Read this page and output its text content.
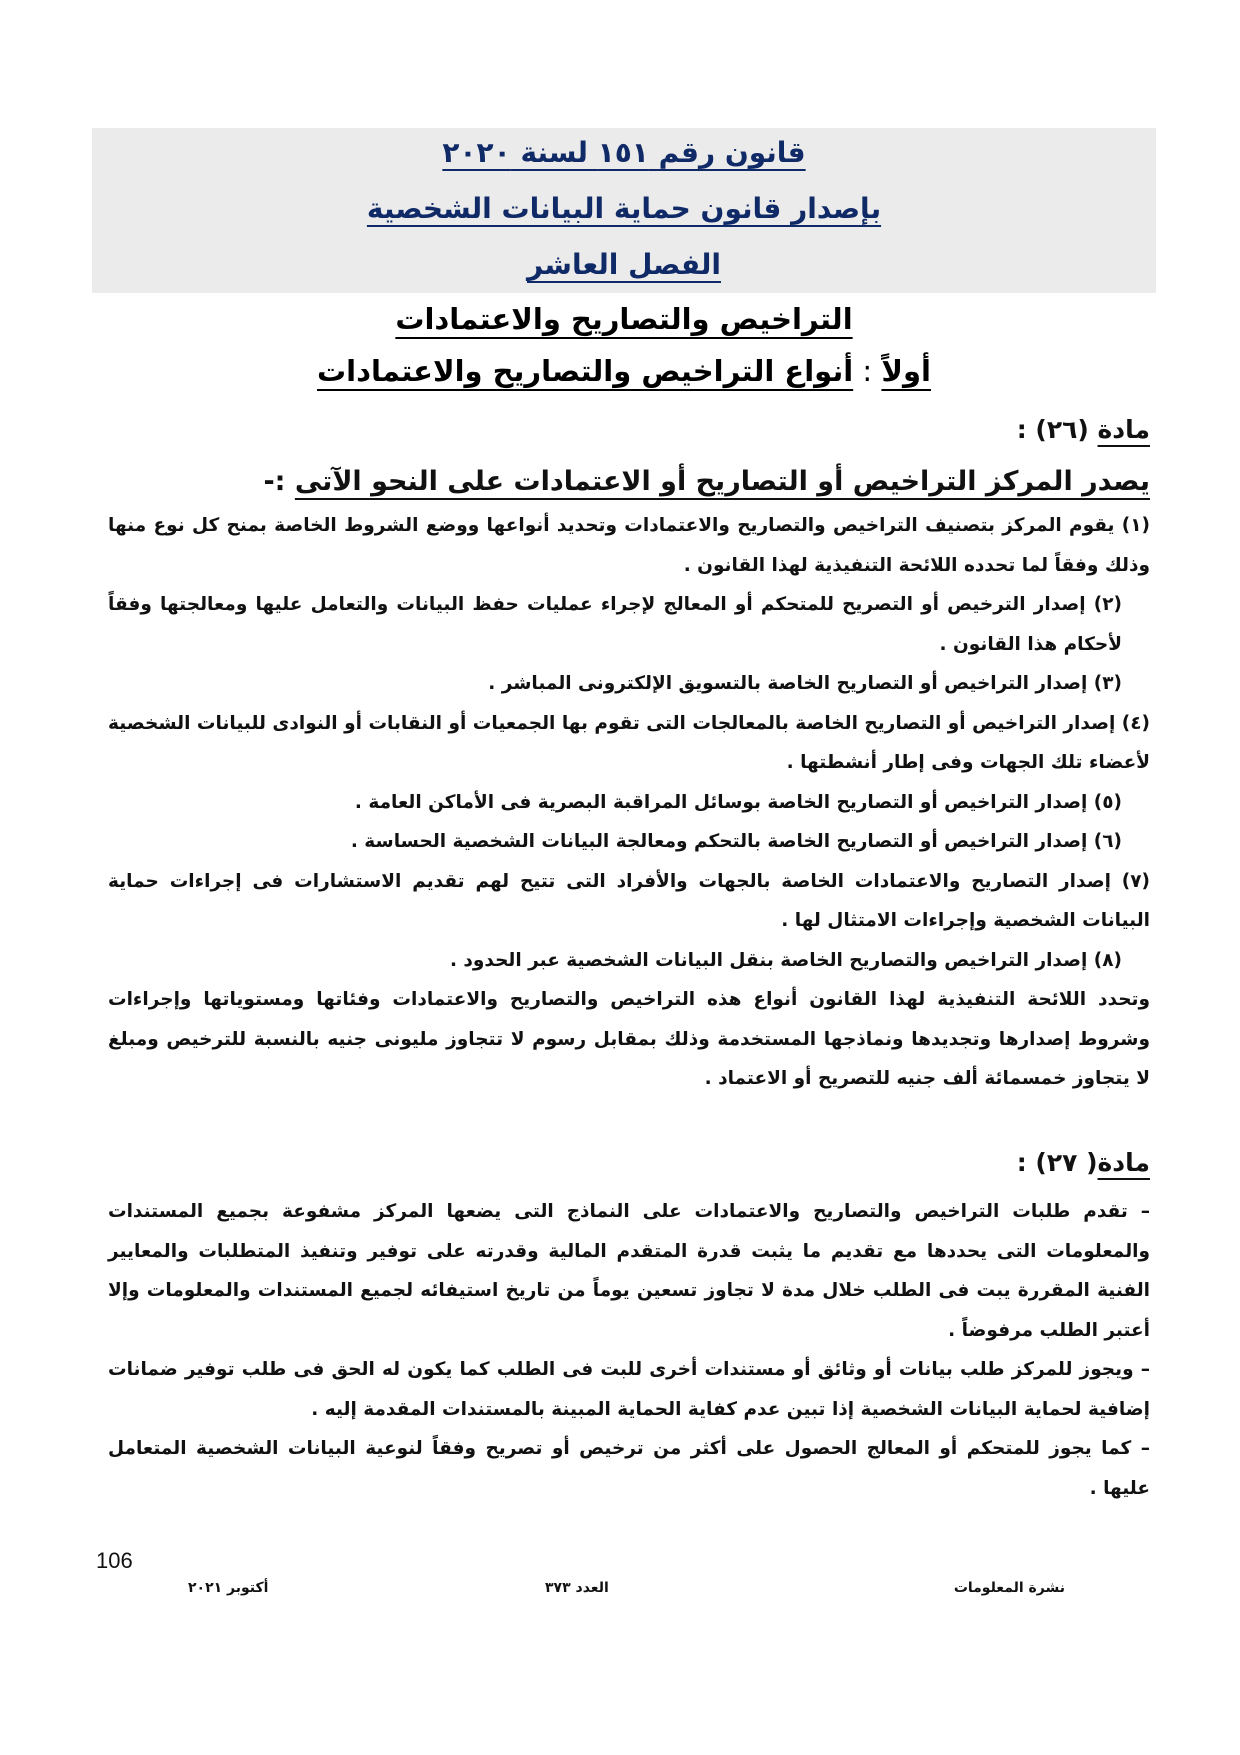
قانون رقم ١٥١ لسنة ٢٠٢٠
بإصدار قانون حماية البيانات الشخصية
الفصل العاشر
التراخيص والتصاريح والاعتمادات
أولاً : أنواع التراخيص والتصاريح والاعتمادات
مادة (٢٦) :
يصدر المركز التراخيص أو التصاريح أو الاعتمادات على النحو الآتى :-

(١) يقوم المركز بتصنيف التراخيص والتصاريح والاعتمادات وتحديد أنواعها ووضع الشروط الخاصة بمنح كل نوع منها وذلك وفقاً لما تحدده اللائحة التنفيذية لهذا القانون .

(٢) إصدار الترخيص أو التصريح للمتحكم أو المعالج لإجراء عمليات حفظ البيانات والتعامل عليها ومعالجتها وفقاً لأحكام هذا القانون .

(٣) إصدار التراخيص أو التصاريح الخاصة بالتسويق الإلكترونى المباشر .

(٤) إصدار التراخيص أو التصاريح الخاصة بالمعالجات التى تقوم بها الجمعيات أو النقابات أو النوادى للبيانات الشخصية لأعضاء تلك الجهات وفى إطار أنشطتها .

(٥) إصدار التراخيص أو التصاريح الخاصة بوسائل المراقبة البصرية فى الأماكن العامة .

(٦) إصدار التراخيص أو التصاريح الخاصة بالتحكم ومعالجة البيانات الشخصية الحساسة .

(٧) إصدار التصاريح والاعتمادات الخاصة بالجهات والأفراد التى تتيح لهم تقديم الاستشارات فى إجراءات حماية البيانات الشخصية وإجراءات الامتثال لها .

(٨) إصدار التراخيص والتصاريح الخاصة بنقل البيانات الشخصية عبر الحدود .

وتحدد اللائحة التنفيذية لهذا القانون أنواع هذه التراخيص والتصاريح والاعتمادات وفئاتها ومستوياتها وإجراءات وشروط إصدارها وتجديدها ونماذجها المستخدمة وذلك بمقابل رسوم لا تتجاوز مليونى جنيه بالنسبة للترخيص ومبلغ لا يتجاوز خمسمائة ألف جنيه للتصريح أو الاعتماد .

مادة( ٢٧) :

– تقدم طلبات التراخيص والتصاريح والاعتمادات على النماذج التى يضعها المركز مشفوعة بجميع المستندات والمعلومات التى يحددها مع تقديم ما يثبت قدرة المتقدم المالية وقدرته على توفير وتنفيذ المتطلبات والمعايير الفنية المقررة يبت فى الطلب خلال مدة لا تجاوز تسعين يوماً من تاريخ استيفائه لجميع المستندات والمعلومات وإلا أعتبر الطلب مرفوضاً .

– ويجوز للمركز طلب بيانات أو وثائق أو مستندات أخرى للبت فى الطلب كما يكون له الحق فى طلب توفير ضمانات إضافية لحماية البيانات الشخصية إذا تبين عدم كفاية الحماية المبينة بالمستندات المقدمة إليه .

– كما يجوز للمتحكم أو المعالج الحصول على أكثر من ترخيص أو تصريح وفقاً لنوعية البيانات الشخصية المتعامل عليها .

106
نشرة المعلومات
العدد ٣٧٣
أكتوبر ٢٠٢١
